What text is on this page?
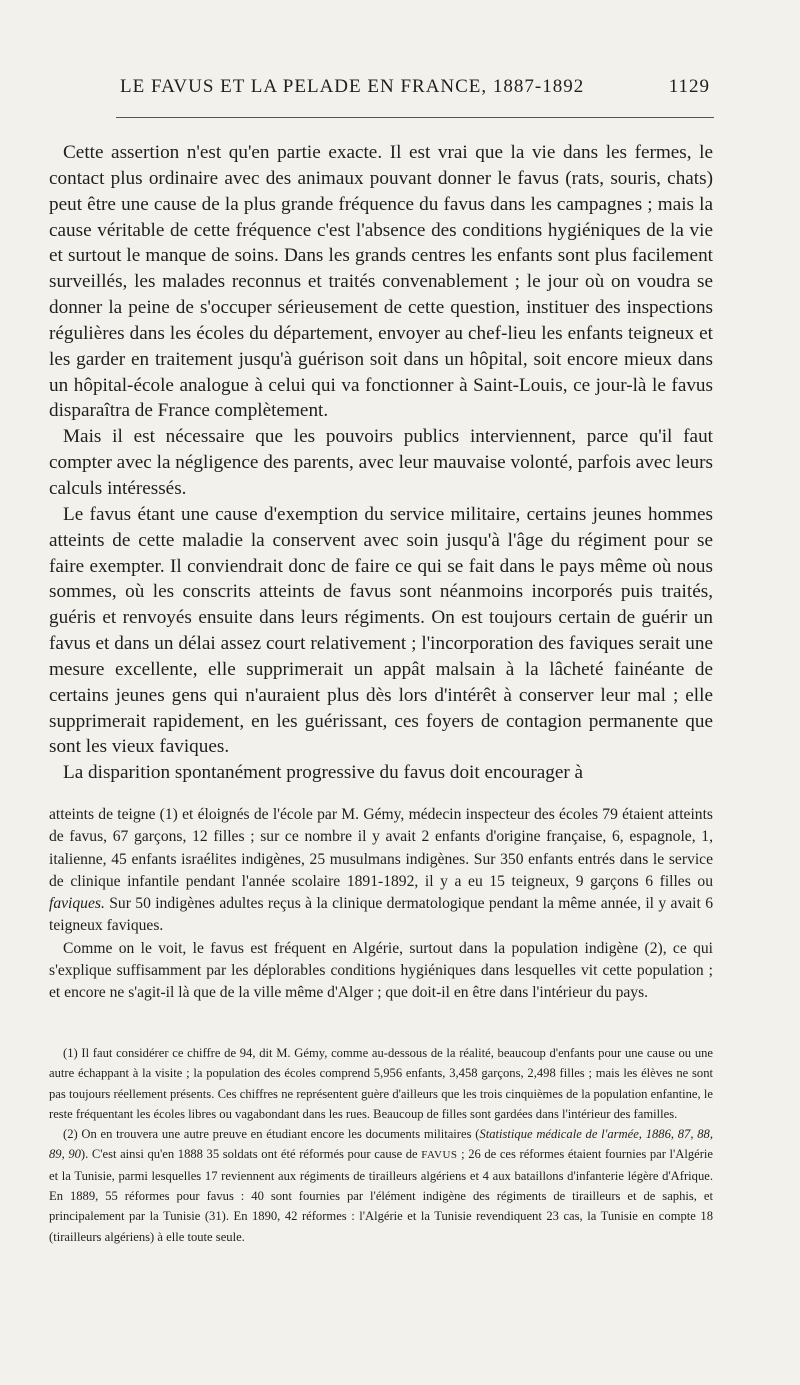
LE FAVUS ET LA PELADE EN FRANCE, 1887-1892	1129

Cette assertion n'est qu'en partie exacte. Il est vrai que la vie dans les fermes, le contact plus ordinaire avec des animaux pouvant donner le favus (rats, souris, chats) peut être une cause de la plus grande fréquence du favus dans les campagnes ; mais la cause véritable de cette fréquence c'est l'absence des conditions hygiéniques de la vie et surtout le manque de soins. Dans les grands centres les enfants sont plus facilement surveillés, les malades reconnus et traités convenablement ; le jour où on voudra se donner la peine de s'occuper sérieusement de cette question, instituer des inspections régulières dans les écoles du département, envoyer au chef-lieu les enfants teigneux et les garder en traitement jusqu'à guérison soit dans un hôpital, soit encore mieux dans un hôpital-école analogue à celui qui va fonctionner à Saint-Louis, ce jour-là le favus disparaîtra de France complètement.

Mais il est nécessaire que les pouvoirs publics interviennent, parce qu'il faut compter avec la négligence des parents, avec leur mauvaise volonté, parfois avec leurs calculs intéressés.

Le favus étant une cause d'exemption du service militaire, certains jeunes hommes atteints de cette maladie la conservent avec soin jusqu'à l'âge du régiment pour se faire exempter. Il conviendrait donc de faire ce qui se fait dans le pays même où nous sommes, où les conscrits atteints de favus sont néanmoins incorporés puis traités, guéris et renvoyés ensuite dans leurs régiments. On est toujours certain de guérir un favus et dans un délai assez court relativement ; l'incorporation des faviques serait une mesure excellente, elle supprimerait un appât malsain à la lâcheté fainéante de certains jeunes gens qui n'auraient plus dès lors d'intérêt à conserver leur mal ; elle supprimerait rapidement, en les guérissant, ces foyers de contagion permanente que sont les vieux faviques.

La disparition spontanément progressive du favus doit encourager à

atteints de teigne (1) et éloignés de l'école par M. Gémy, médecin inspecteur des écoles 79 étaient atteints de favus, 67 garçons, 12 filles ; sur ce nombre il y avait 2 enfants d'origine française, 6, espagnole, 1, italienne, 45 enfants israélites indigènes, 25 musulmans indigènes. Sur 350 enfants entrés dans le service de clinique infantile pendant l'année scolaire 1891-1892, il y a eu 15 teigneux, 9 garçons 6 filles ou faviques. Sur 50 indigènes adultes reçus à la clinique dermatologique pendant la même année, il y avait 6 teigneux faviques.

Comme on le voit, le favus est fréquent en Algérie, surtout dans la population indigène (2), ce qui s'explique suffisamment par les déplorables conditions hygiéniques dans lesquelles vit cette population ; et encore ne s'agit-il là que de la ville même d'Alger ; que doit-il en être dans l'intérieur du pays.

(1) Il faut considérer ce chiffre de 94, dit M. Gémy, comme au-dessous de la réalité, beaucoup d'enfants pour une cause ou une autre échappant à la visite ; la population des écoles comprend 5,956 enfants, 3,458 garçons, 2,498 filles ; mais les élèves ne sont pas toujours réellement présents. Ces chiffres ne représentent guère d'ailleurs que les trois cinquièmes de la population enfantine, le reste fréquentant les écoles libres ou vagabondant dans les rues. Beaucoup de filles sont gardées dans l'intérieur des familles.

(2) On en trouvera une autre preuve en étudiant encore les documents militaires (Statistique médicale de l'armée, 1886, 87, 88, 89, 90). C'est ainsi qu'en 1888 35 soldats ont été réformés pour cause de FAVUS ; 26 de ces réformes étaient fournies par l'Algérie et la Tunisie, parmi lesquelles 17 reviennent aux régiments de tirailleurs algériens et 4 aux bataillons d'infanterie légère d'Afrique. En 1889, 55 réformes pour favus : 40 sont fournies par l'élément indigène des régiments de tirailleurs et de saphis, et principalement par la Tunisie (31). En 1890, 42 réformes : l'Algérie et la Tunisie revendiquent 23 cas, la Tunisie en compte 18 (tirailleurs algériens) à elle toute seule.
